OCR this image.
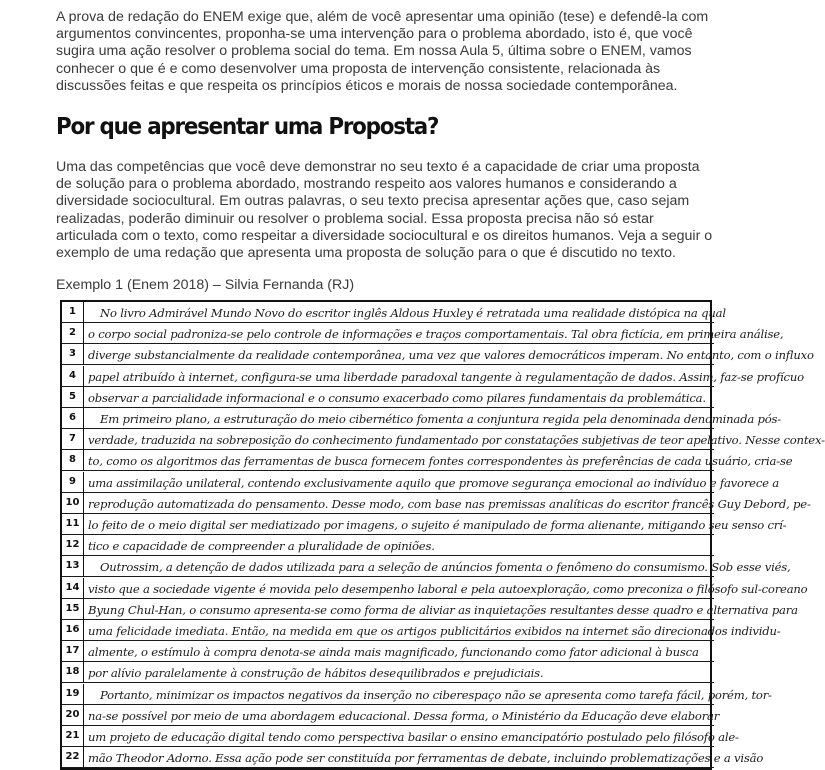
A prova de redação do ENEM exige que, além de você apresentar uma opinião (tese) e defendê-la com argumentos convincentes, proponha-se uma intervenção para o problema abordado, isto é, que você sugira uma ação resolver o problema social do tema. Em nossa Aula 5, última sobre o ENEM, vamos conhecer o que é e como desenvolver uma proposta de intervenção consistente, relacionada às discussões feitas e que respeita os princípios éticos e morais de nossa sociedade contemporânea.

Por que apresentar uma Proposta?

Uma das competências que você deve demonstrar no seu texto é a capacidade de criar uma proposta de solução para o problema abordado, mostrando respeito aos valores humanos e considerando a diversidade sociocultural. Em outras palavras, o seu texto precisa apresentar ações que, caso sejam realizadas, poderão diminuir ou resolver o problema social. Essa proposta precisa não só estar articulada com o texto, como respeitar a diversidade sociocultural e os direitos humanos. Veja a seguir o exemplo de uma redação que apresenta uma proposta de solução para o que é discutido no texto.

Exemplo 1 (Enem 2018) – Silvia Fernanda (RJ)

1	No livro Admirável Mundo Novo do escritor inglês Aldous Huxley é retratada uma realidade distópica na qual
2	o corpo social padroniza-se pelo controle de informações e traços comportamentais. Tal obra fictícia, em primeira análise,
3	diverge substancialmente da realidade contemporânea, uma vez que valores democráticos imperam. No entanto, com o influxo
4	papel atribuído à internet, configura-se uma liberdade paradoxal tangente à regulamentação de dados. Assim, faz-se profícuo
5	observar a parcialidade informacional e o consumo exacerbado como pilares fundamentais da problemática.
6	Em primeiro plano, a estruturação do meio cibernético fomenta a conjuntura regida pela denominada denominada pós-
7	verdade, traduzida na sobreposição do conhecimento fundamentado por constatações subjetivas de teor apelativo. Nesse contex-
8	to, como os algoritmos das ferramentas de busca fornecem fontes correspondentes às preferências de cada usuário, cria-se
9	uma assimilação unilateral, contendo exclusivamente aquilo que promove segurança emocional ao indivíduo e favorece a
10 reprodução automatizada do pensamento. Desse modo, com base nas premissas analíticas do escritor francês Guy Debord, pe-
11 lo feito de o meio digital ser mediatizado por imagens, o sujeito é manipulado de forma alienante, mitigando seu senso crí-
12 tico e capacidade de compreender a pluralidade de opiniões.
13	Outrossim, a detenção de dados utilizada para a seleção de anúncios fomenta o fenômeno do consumismo. Sob esse viés,
14 visto que a sociedade vigente é movida pelo desempenho laboral e pela autoexploração, como preconiza o filósofo sul-coreano
15 Byung Chul-Han, o consumo apresenta-se como forma de aliviar as inquietações resultantes desse quadro e alternativa para
16 uma felicidade imediata. Então, na medida em que os artigos publicitários exibidos na internet são direcionados individu-
17 almente, o estímulo à compra denota-se ainda mais magnificado, funcionando como fator adicional à busca
18 por alívio paralelamente à construção de hábitos desequilibrados e prejudiciais.
19	Portanto, minimizar os impactos negativos da inserção no ciberespaço não se apresenta como tarefa fácil, porém, tor-
20 na-se possível por meio de uma abordagem educacional. Dessa forma, o Ministério da Educação deve elaborar
21 um projeto de educação digital tendo como perspectiva basilar o ensino emancipatório postulado pelo filósofo ale-
22 mão Theodor Adorno. Essa ação pode ser constituída por ferramentas de debate, incluindo problematizações e a visão
